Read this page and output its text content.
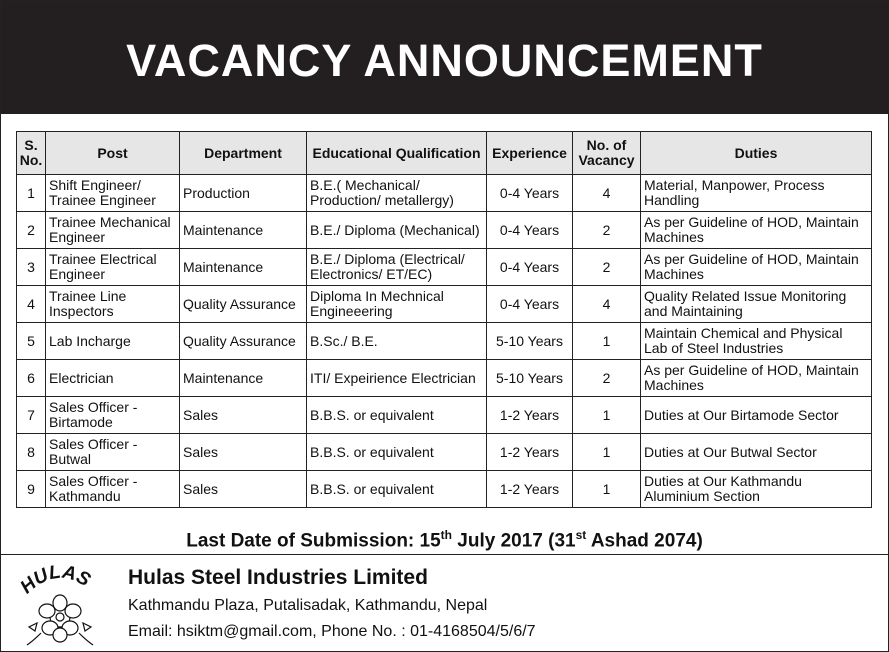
VACANCY ANNOUNCEMENT
S. No.	Post	Department	Educational Qualification	Experience	No. of Vacancy	Duties
1	Shift Engineer/ Trainee Engineer	Production	B.E.( Mechanical/ Production/ metallergy)	0-4 Years	4	Material, Manpower, Process Handling
2	Trainee Mechanical Engineer	Maintenance	B.E./ Diploma (Mechanical)	0-4 Years	2	As per Guideline of HOD, Maintain Machines
3	Trainee Electrical Engineer	Maintenance	B.E./ Diploma (Electrical/ Electronics/ ET/EC)	0-4 Years	2	As per Guideline of HOD, Maintain Machines
4	Trainee Line Inspectors	Quality Assurance	Diploma In Mechnical Engineeering	0-4 Years	4	Quality Related Issue Monitoring and Maintaining
5	Lab Incharge	Quality Assurance	B.Sc./ B.E.	5-10 Years	1	Maintain Chemical and Physical Lab of Steel Industries
6	Electrician	Maintenance	ITI/ Expeirience Electrician	5-10 Years	2	As per Guideline of HOD, Maintain Machines
7	Sales Officer - Birtamode	Sales	B.B.S. or equivalent	1-2 Years	1	Duties at Our Birtamode Sector
8	Sales Officer - Butwal	Sales	B.B.S. or equivalent	1-2 Years	1	Duties at Our Butwal Sector
9	Sales Officer - Kathmandu	Sales	B.B.S. or equivalent	1-2 Years	1	Duties at Our Kathmandu Aluminium Section
Last Date of Submission: 15th July 2017 (31st Ashad 2074)
HULAS Hulas Steel Industries Limited
Kathmandu Plaza, Putalisadak, Kathmandu, Nepal
Email: hsiktm@gmail.com, Phone No. : 01-4168504/5/6/7
